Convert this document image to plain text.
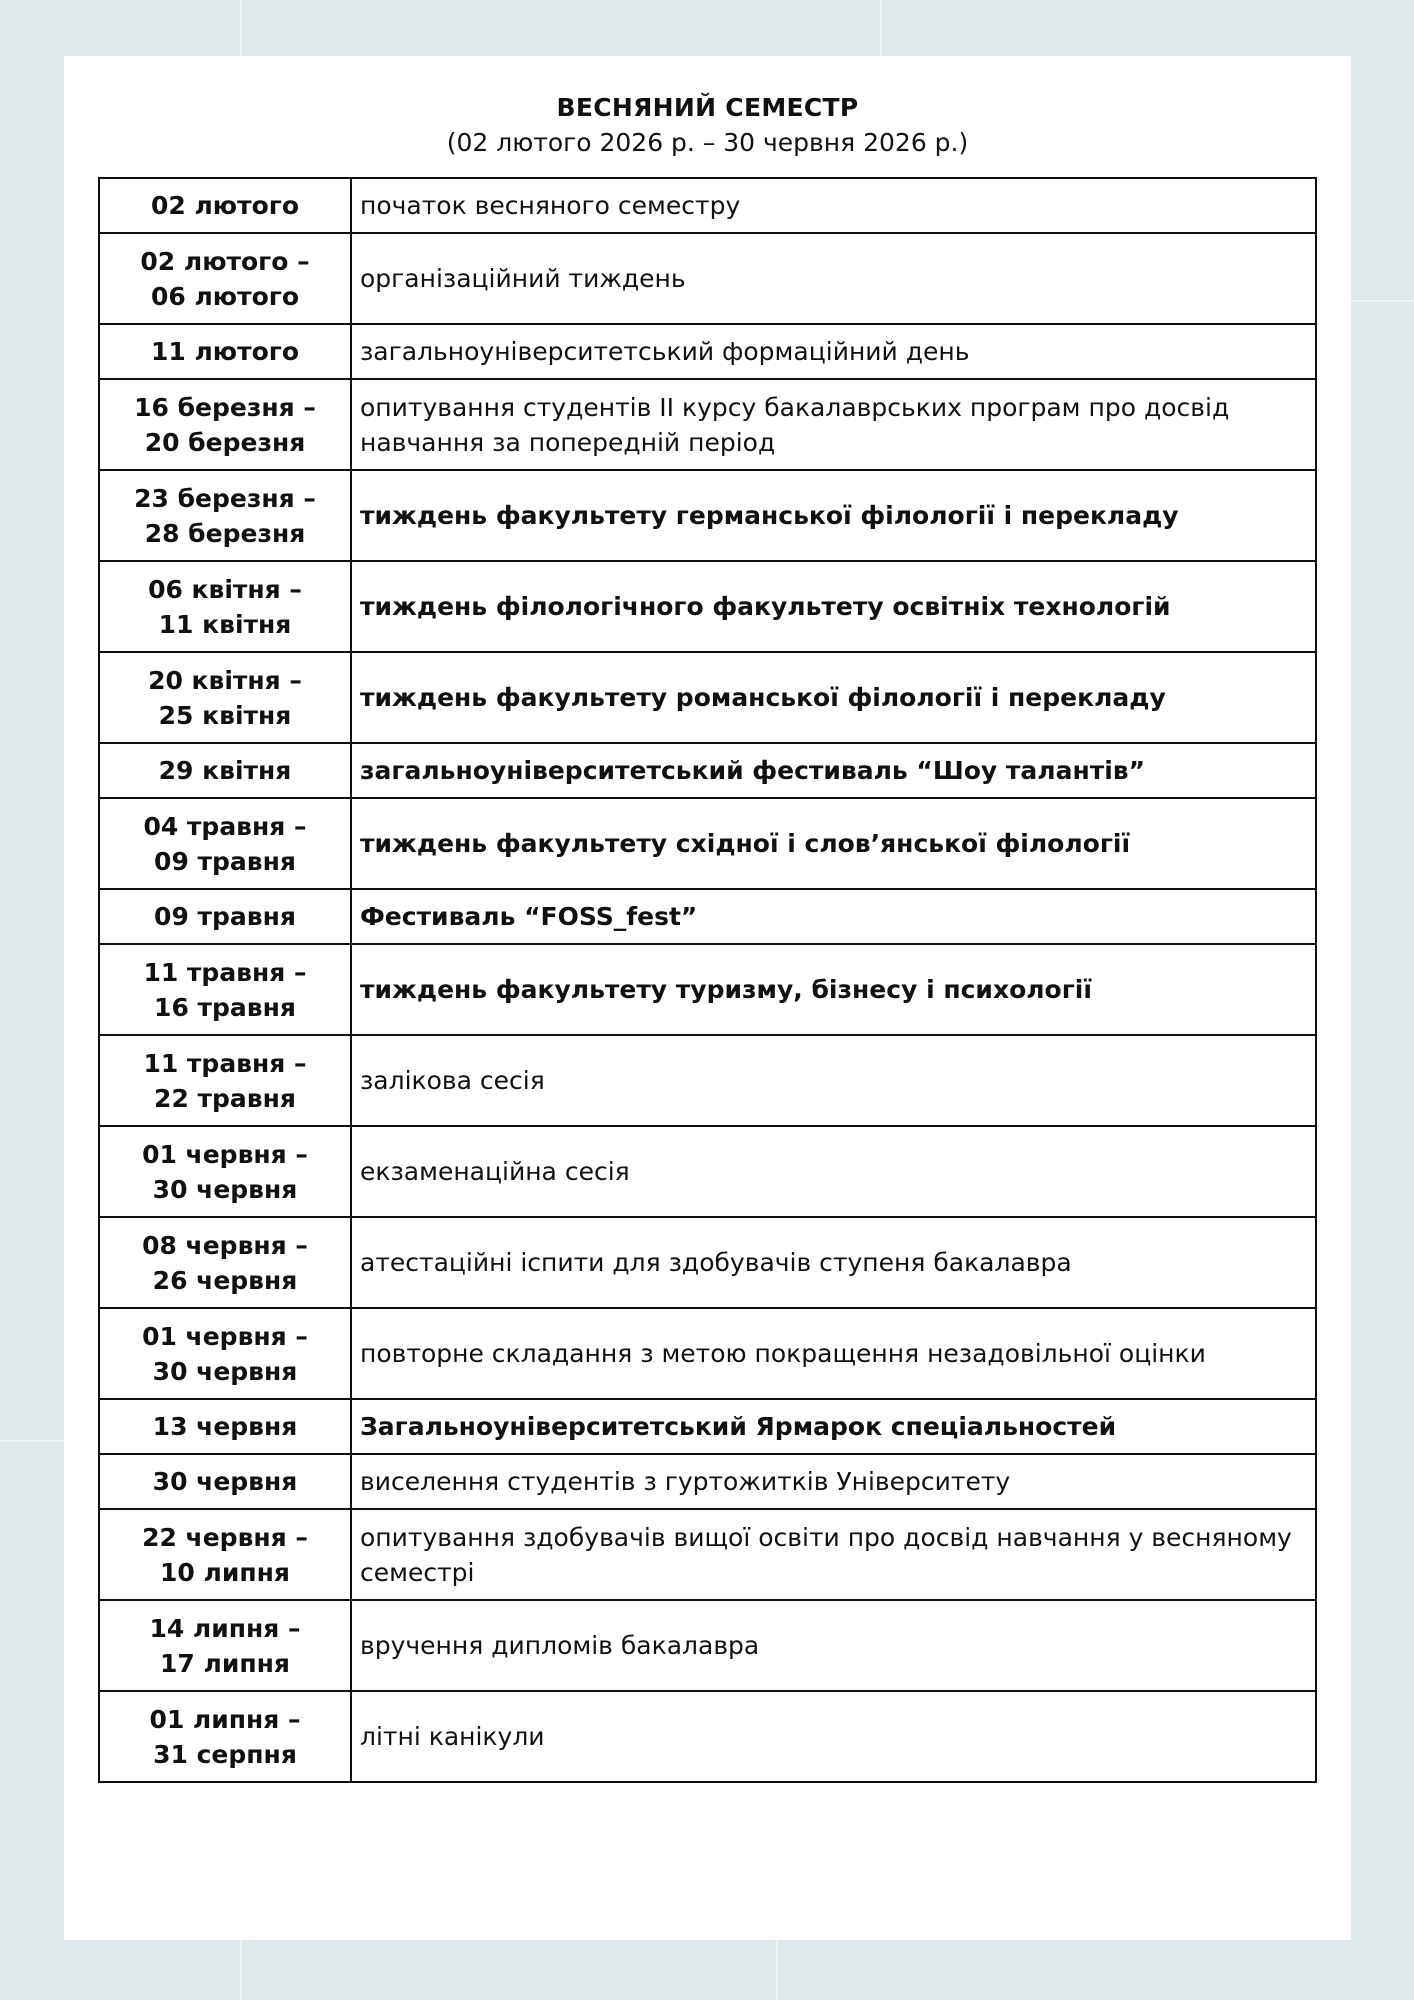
ВЕСНЯНИЙ СЕМЕСТР
(02 лютого 2026 р. – 30 червня 2026 р.)
02 лютого	початок весняного семестру

02 лютого –
06 лютого	організаційний тиждень

11 лютого	загальноуніверситетський формаційний день

16 березня –
20 березня	опитування студентів ІІ курсу бакалаврських програм про досвід навчання за попередній період

23 березня –
28 березня	тиждень факультету германської філології і перекладу

06 квітня –
11 квітня	тиждень філологічного факультету освітніх технологій

20 квітня –
25 квітня	тиждень факультету романської філології і перекладу

29 квітня	загальноуніверситетський фестиваль “Шоу талантів”

04 травня –
09 травня	тиждень факультету східної і слов’янської філології

09 травня	Фестиваль “FOSS_fest”

11 травня –
16 травня	тиждень факультету туризму, бізнесу і психології

11 травня –
22 травня	залікова сесія

01 червня –
30 червня	екзаменаційна сесія

08 червня –
26 червня	атестаційні іспити для здобувачів ступеня бакалавра

01 червня –
30 червня	повторне складання з метою покращення незадовільної оцінки

13 червня	Загальноуніверситетський Ярмарок спеціальностей

30 червня	виселення студентів з гуртожитків Університету

22 червня –
10 липня	опитування здобувачів вищої освіти про досвід навчання у весняному семестрі

14 липня –
17 липня	вручення дипломів бакалавра

01 липня –
31 серпня	літні канікули
